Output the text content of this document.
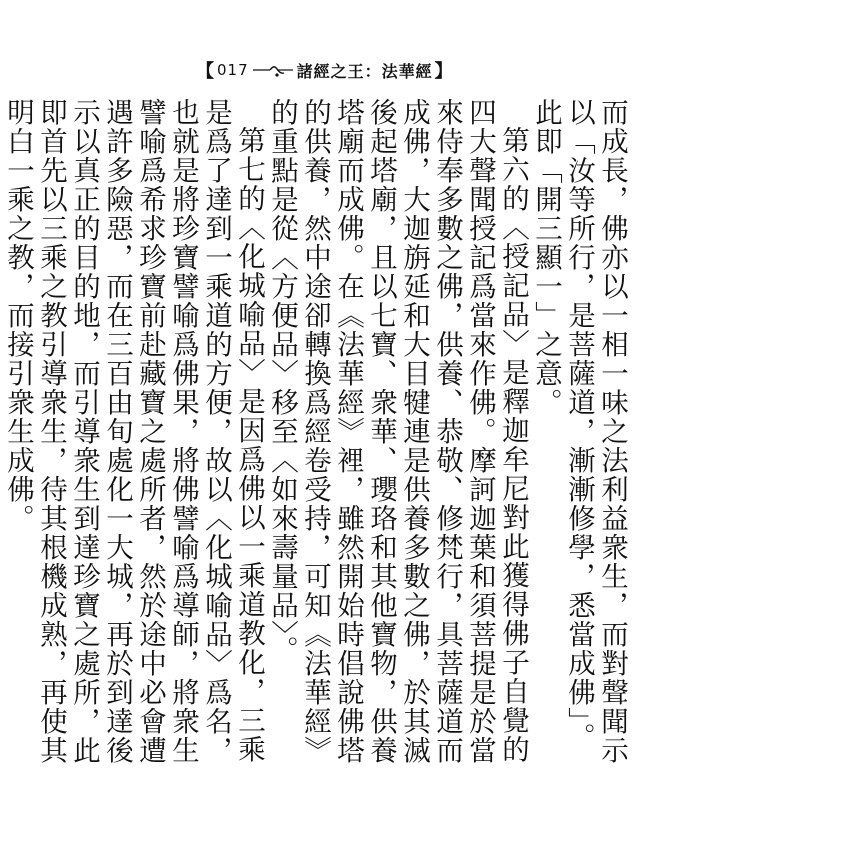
【 017	諸經之王：法華經 】

而成長，佛亦以一相一味之法利益衆生，而對聲聞示以「汝等所行，是菩薩道，漸漸修學，悉當成佛」。此即「開三顯一」之意。

第六的〈授記品〉是釋迦牟尼對此獲得佛子自覺的四大聲聞授記爲當來作佛。摩訶迦葉和須菩提是於當來侍奉多數之佛，供養、恭敬、修梵行，具菩薩道而成佛，大迦旃延和大目犍連是供養多數之佛，於其滅後起塔廟，且以七寶、衆華、瓔珞和其他寶物，供養塔廟而成佛。在《法華經》裡，雖然開始時倡說佛塔的供養，然中途卻轉換爲經卷受持，可知《法華經》的重點是從〈方便品〉移至〈如來壽量品〉。

第七的〈化城喻品〉是因爲佛以一乘道教化，三乘是爲了達到一乘道的方便，故以〈化城喻品〉爲名，也就是將珍寶譬喻爲佛果，將佛譬喻爲導師，將衆生譬喻爲希求珍寶前赴藏寶之處所者，然於途中必會遭遇許多險惡，而在三百由旬處化一大城，再於到達後示以真正的目的地，而引導衆生到達珍寶之處所，此即首先以三乘之教引導衆生，待其根機成熟，再使其明白一乘之教，而接引衆生成佛。
